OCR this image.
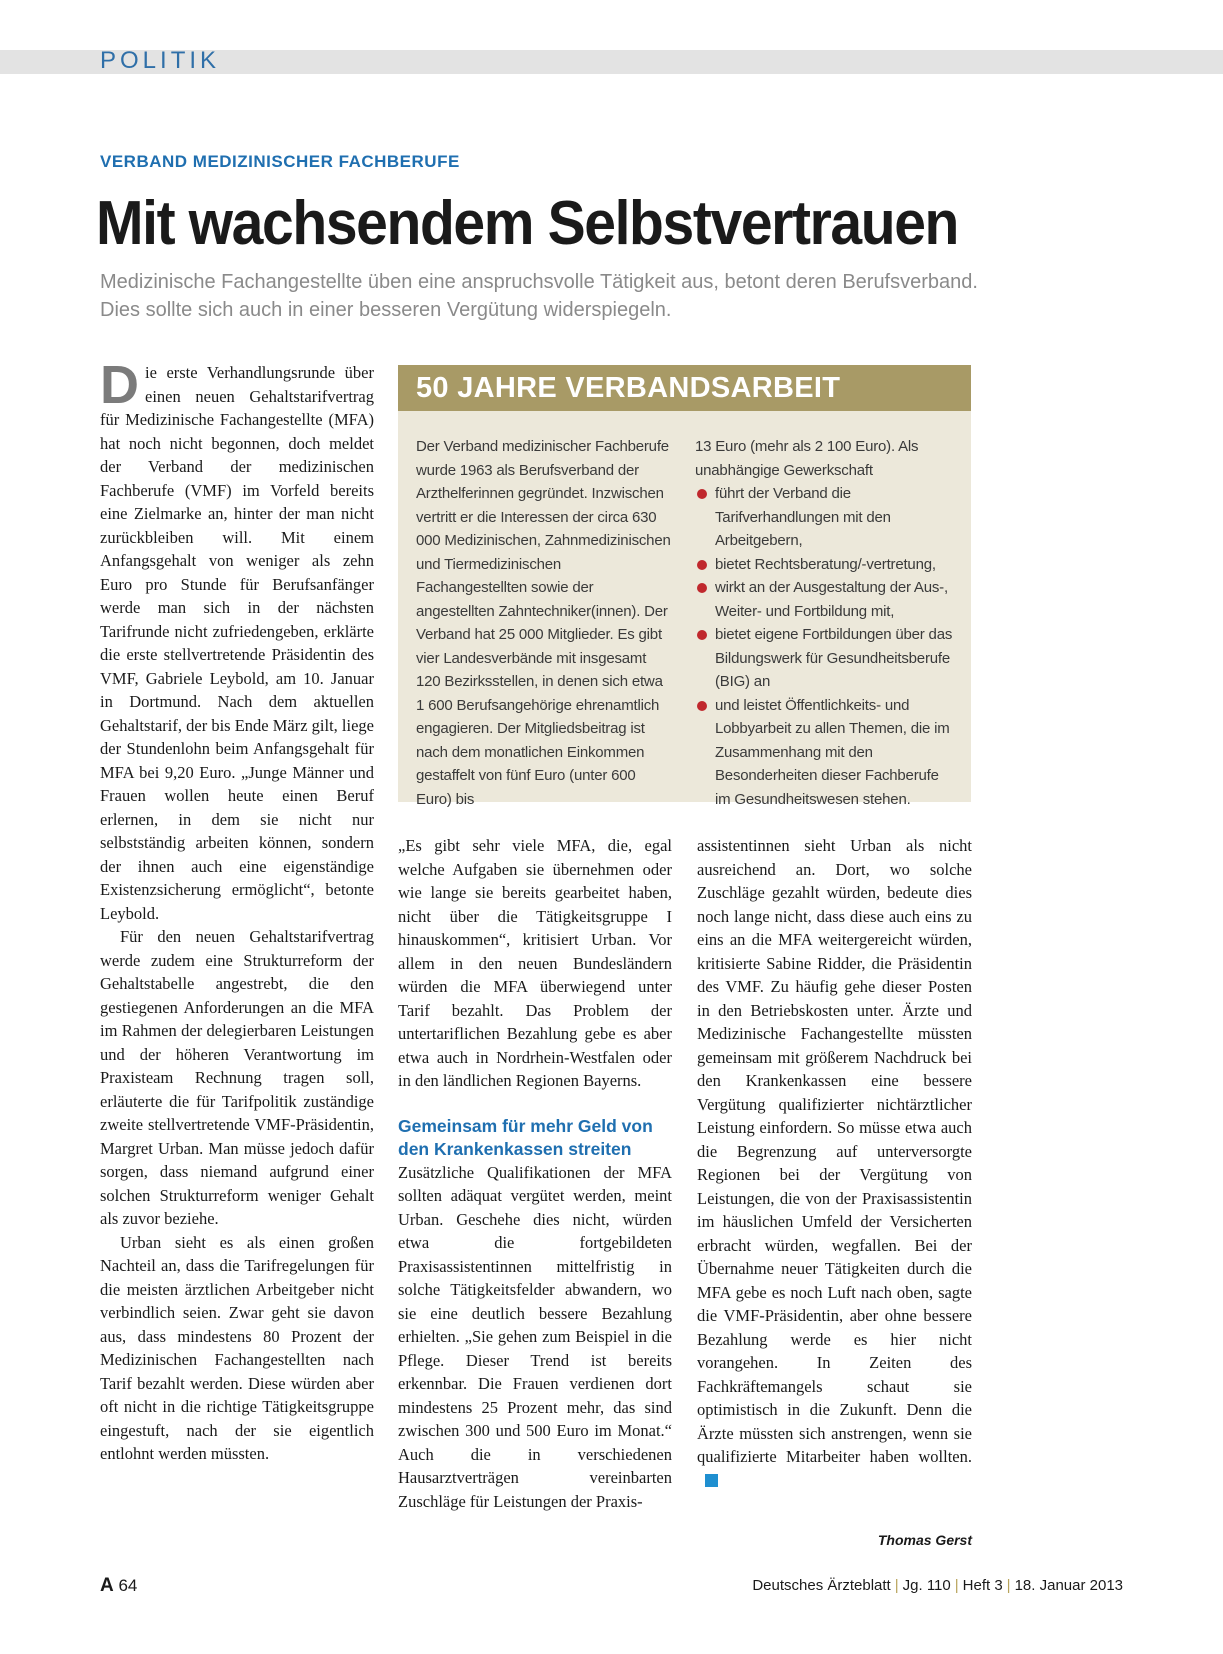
POLITIK
VERBAND MEDIZINISCHER FACHBERUFE
Mit wachsendem Selbstvertrauen

Medizinische Fachangestellte üben eine anspruchsvolle Tätigkeit aus, betont deren Berufsverband. Dies sollte sich auch in einer besseren Vergütung widerspiegeln.

Die erste Verhandlungsrunde über einen neuen Gehaltstarifvertrag für Medizinische Fachangestellte (MFA) hat noch nicht begonnen, doch meldet der Verband der medizinischen Fachberufe (VMF) im Vorfeld bereits eine Zielmarke an, hinter der man nicht zurückbleiben will. Mit einem Anfangsgehalt von weniger als zehn Euro pro Stunde für Berufsanfänger werde man sich in der nächsten Tarifrunde nicht zufriedengeben, erklärte die erste stellvertretende Präsidentin des VMF, Gabriele Leybold, am 10. Januar in Dortmund. Nach dem aktuellen Gehaltstarif, der bis Ende März gilt, liege der Stundenlohn beim Anfangsgehalt für MFA bei 9,20 Euro. „Junge Männer und Frauen wollen heute einen Beruf erlernen, in dem sie nicht nur selbstständig arbeiten können, sondern der ihnen auch eine eigenständige Existenzsicherung ermöglicht“, betonte Leybold.

Für den neuen Gehaltstarifvertrag werde zudem eine Strukturreform der Gehaltstabelle angestrebt, die den gestiegenen Anforderungen an die MFA im Rahmen der delegierbaren Leistungen und der höheren Verantwortung im Praxisteam Rechnung tragen soll, erläuterte die für Tarifpolitik zuständige zweite stellvertretende VMF-Präsidentin, Margret Urban. Man müsse jedoch dafür sorgen, dass niemand aufgrund einer solchen Strukturreform weniger Gehalt als zuvor beziehe.

Urban sieht es als einen großen Nachteil an, dass die Tarifregelungen für die meisten ärztlichen Arbeitgeber nicht verbindlich seien. Zwar geht sie davon aus, dass mindestens 80 Prozent der Medizinischen Fachangestellten nach Tarif bezahlt werden. Diese würden aber oft nicht in die richtige Tätigkeitsgruppe eingestuft, nach der sie eigentlich entlohnt werden müssten.

50 JAHRE VERBANDSARBEIT

Der Verband medizinischer Fachberufe wurde 1963 als Berufsverband der Arzthelferinnen gegründet. Inzwischen vertritt er die Interessen der circa 630 000 Medizinischen, Zahnmedizinischen und Tiermedizinischen Fachangestellten sowie der angestellten Zahntechniker(innen). Der Verband hat 25 000 Mitglieder. Es gibt vier Landesverbände mit insgesamt 120 Bezirksstellen, in denen sich etwa 1 600 Berufsangehörige ehrenamtlich engagieren. Der Mitgliedsbeitrag ist nach dem monatlichen Einkommen gestaffelt von fünf Euro (unter 600 Euro) bis

13 Euro (mehr als 2 100 Euro). Als unabhängige Gewerkschaft

führt der Verband die Tarifverhandlungen mit den Arbeitgebern,
bietet Rechtsberatung/-vertretung,
wirkt an der Ausgestaltung der Aus-, Weiter- und Fortbildung mit,
bietet eigene Fortbildungen über das Bildungswerk für Gesundheitsberufe (BIG) an
und leistet Öffentlichkeits- und Lobbyarbeit zu allen Themen, die im Zusammenhang mit den Besonderheiten dieser Fachberufe im Gesundheitswesen stehen.

„Es gibt sehr viele MFA, die, egal welche Aufgaben sie übernehmen oder wie lange sie bereits gearbeitet haben, nicht über die Tätigkeitsgruppe I hinauskommen“, kritisiert Urban. Vor allem in den neuen Bundesländern würden die MFA überwiegend unter Tarif bezahlt. Das Problem der untertariflichen Bezahlung gebe es aber etwa auch in Nordrhein-Westfalen oder in den ländlichen Regionen Bayerns.

Gemeinsam für mehr Geld von den Krankenkassen streiten

Zusätzliche Qualifikationen der MFA sollten adäquat vergütet werden, meint Urban. Geschehe dies nicht, würden etwa die fortgebildeten Praxisassistentinnen mittelfristig in solche Tätigkeitsfelder abwandern, wo sie eine deutlich bessere Bezahlung erhielten. „Sie gehen zum Beispiel in die Pflege. Dieser Trend ist bereits erkennbar. Die Frauen verdienen dort mindestens 25 Prozent mehr, das sind zwischen 300 und 500 Euro im Monat.“ Auch die in verschiedenen Hausarztverträgen vereinbarten Zuschläge für Leistungen der Praxis-

assistentinnen sieht Urban als nicht ausreichend an. Dort, wo solche Zuschläge gezahlt würden, bedeute dies noch lange nicht, dass diese auch eins zu eins an die MFA weitergereicht würden, kritisierte Sabine Ridder, die Präsidentin des VMF. Zu häufig gehe dieser Posten in den Betriebskosten unter. Ärzte und Medizinische Fachangestellte müssten gemeinsam mit größerem Nachdruck bei den Krankenkassen eine bessere Vergütung qualifizierter nichtärztlicher Leistung einfordern. So müsse etwa auch die Begrenzung auf unterversorgte Regionen bei der Vergütung von Leistungen, die von der Praxisassistentin im häuslichen Umfeld der Versicherten erbracht würden, wegfallen. Bei der Übernahme neuer Tätigkeiten durch die MFA gebe es noch Luft nach oben, sagte die VMF-Präsidentin, aber ohne bessere Bezahlung werde es hier nicht vorangehen. In Zeiten des Fachkräftemangels schaut sie optimistisch in die Zukunft. Denn die Ärzte müssten sich anstrengen, wenn sie qualifizierte Mitarbeiter haben wollten.

Thomas Gerst
A 64	Deutsches Ärzteblatt | Jg. 110 | Heft 3 | 18. Januar 2013
